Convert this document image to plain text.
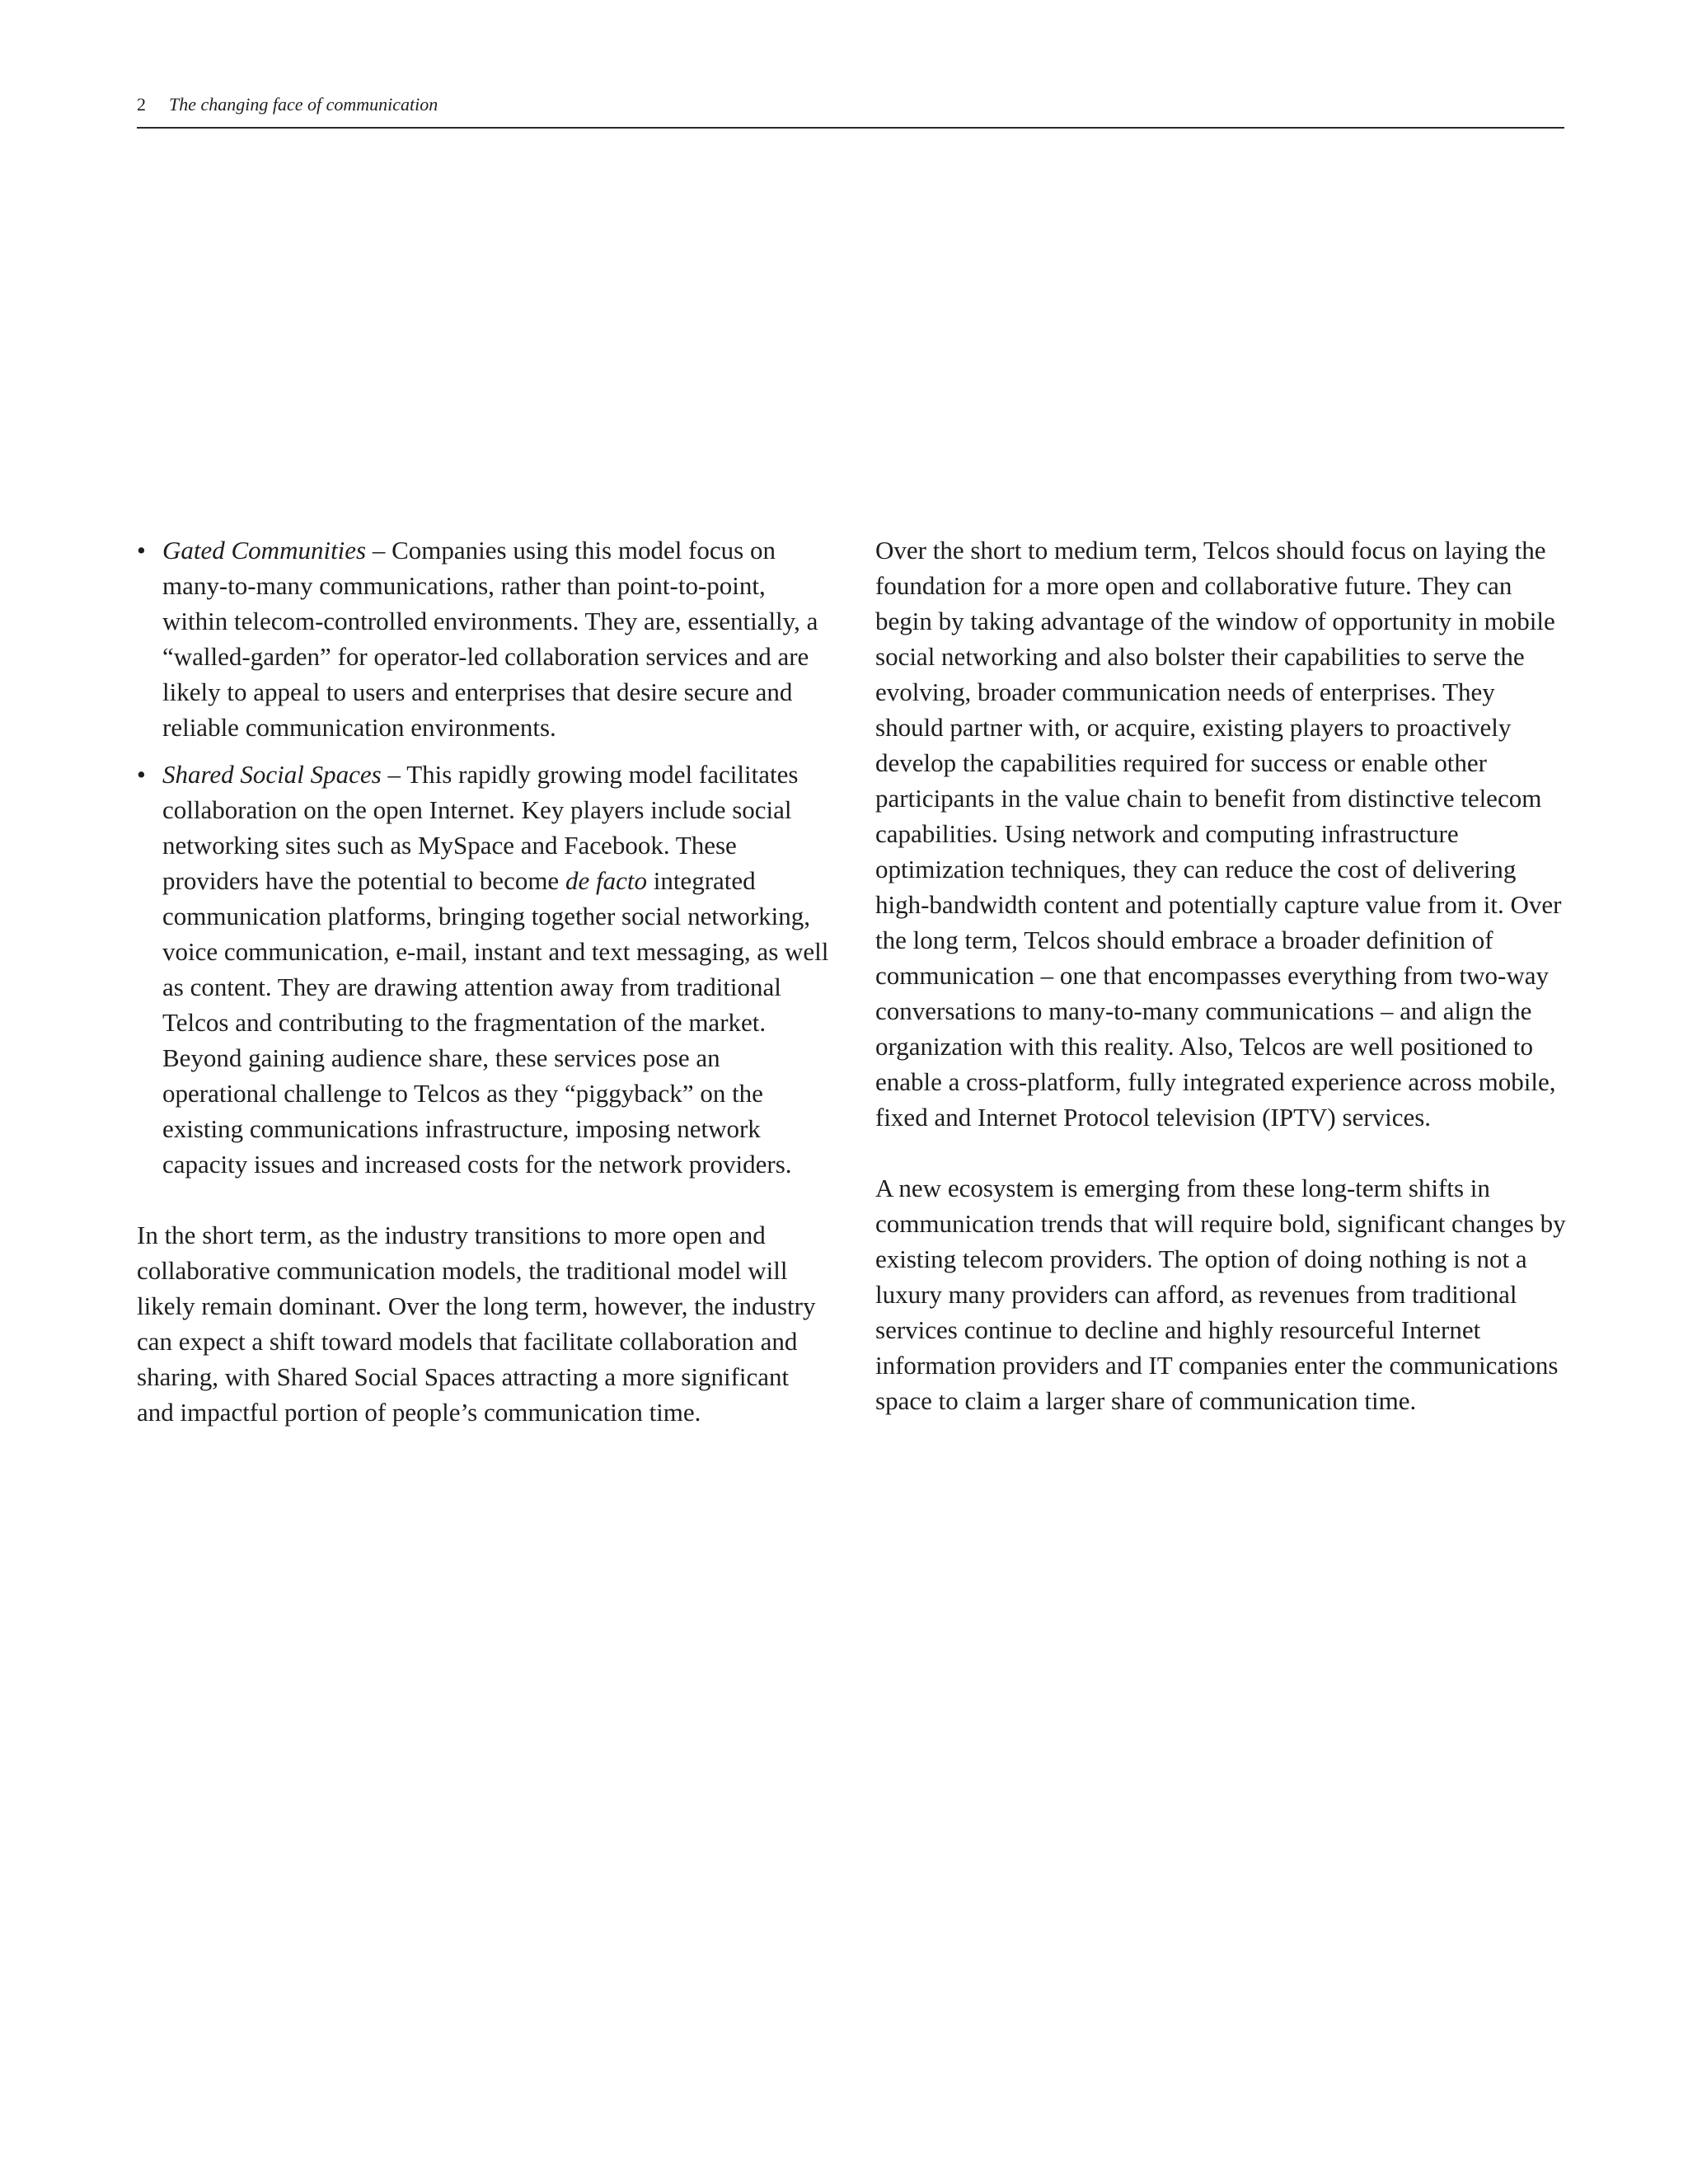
2 The changing face of communication
• Gated Communities – Companies using this model focus on many-to-many communications, rather than point-to-point, within telecom-controlled environments. They are, essentially, a “walled-garden” for operator-led collaboration services and are likely to appeal to users and enterprises that desire secure and reliable communication environments.
• Shared Social Spaces – This rapidly growing model facilitates collaboration on the open Internet. Key players include social networking sites such as MySpace and Facebook. These providers have the potential to become de facto integrated communication platforms, bringing together social networking, voice communication, e-mail, instant and text messaging, as well as content. They are drawing attention away from traditional Telcos and contributing to the fragmentation of the market. Beyond gaining audience share, these services pose an operational challenge to Telcos as they “piggyback” on the existing communications infrastructure, imposing network capacity issues and increased costs for the network providers.

In the short term, as the industry transitions to more open and collaborative communication models, the traditional model will likely remain dominant. Over the long term, however, the industry can expect a shift toward models that facilitate collaboration and sharing, with Shared Social Spaces attracting a more significant and impactful portion of people’s communication time.

Over the short to medium term, Telcos should focus on laying the foundation for a more open and collaborative future. They can begin by taking advantage of the window of opportunity in mobile social networking and also bolster their capabilities to serve the evolving, broader communication needs of enterprises. They should partner with, or acquire, existing players to proactively develop the capabilities required for success or enable other participants in the value chain to benefit from distinctive telecom capabilities. Using network and computing infrastructure optimization techniques, they can reduce the cost of delivering high-bandwidth content and potentially capture value from it. Over the long term, Telcos should embrace a broader definition of communication – one that encompasses everything from two-way conversations to many-to-many communications – and align the organization with this reality. Also, Telcos are well positioned to enable a cross-platform, fully integrated experience across mobile, fixed and Internet Protocol television (IPTV) services.

A new ecosystem is emerging from these long-term shifts in communication trends that will require bold, significant changes by existing telecom providers. The option of doing nothing is not a luxury many providers can afford, as revenues from traditional services continue to decline and highly resourceful Internet information providers and IT companies enter the communications space to claim a larger share of communication time.
